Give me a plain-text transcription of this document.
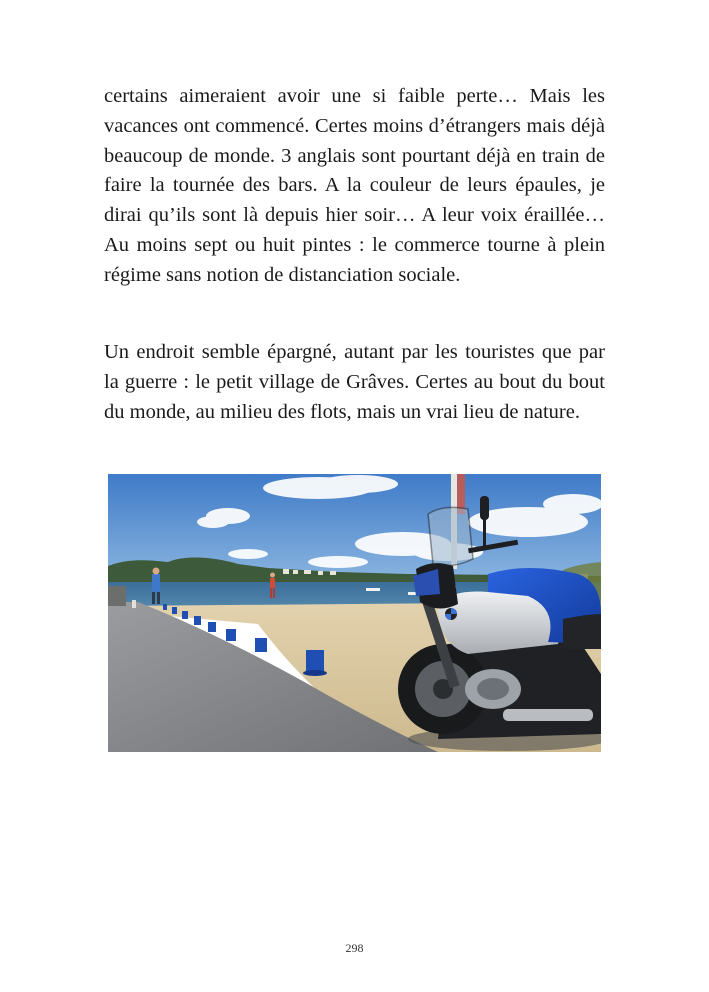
certains aimeraient avoir une si faible perte… Mais les vacances ont commencé. Certes moins d’étrangers mais déjà beaucoup de monde. 3 anglais sont pourtant déjà en train de faire la tournée des bars. A la couleur de leurs épaules, je dirai qu’ils sont là depuis hier soir… A leur voix éraillée… Au moins sept ou huit pintes : le commerce tourne à plein régime sans notion de distanciation sociale.

Un endroit semble épargné, autant par les touristes que par la guerre : le petit village de Grâves. Certes au bout du bout du monde, au milieu des flots, mais un vrai lieu de nature.

298
